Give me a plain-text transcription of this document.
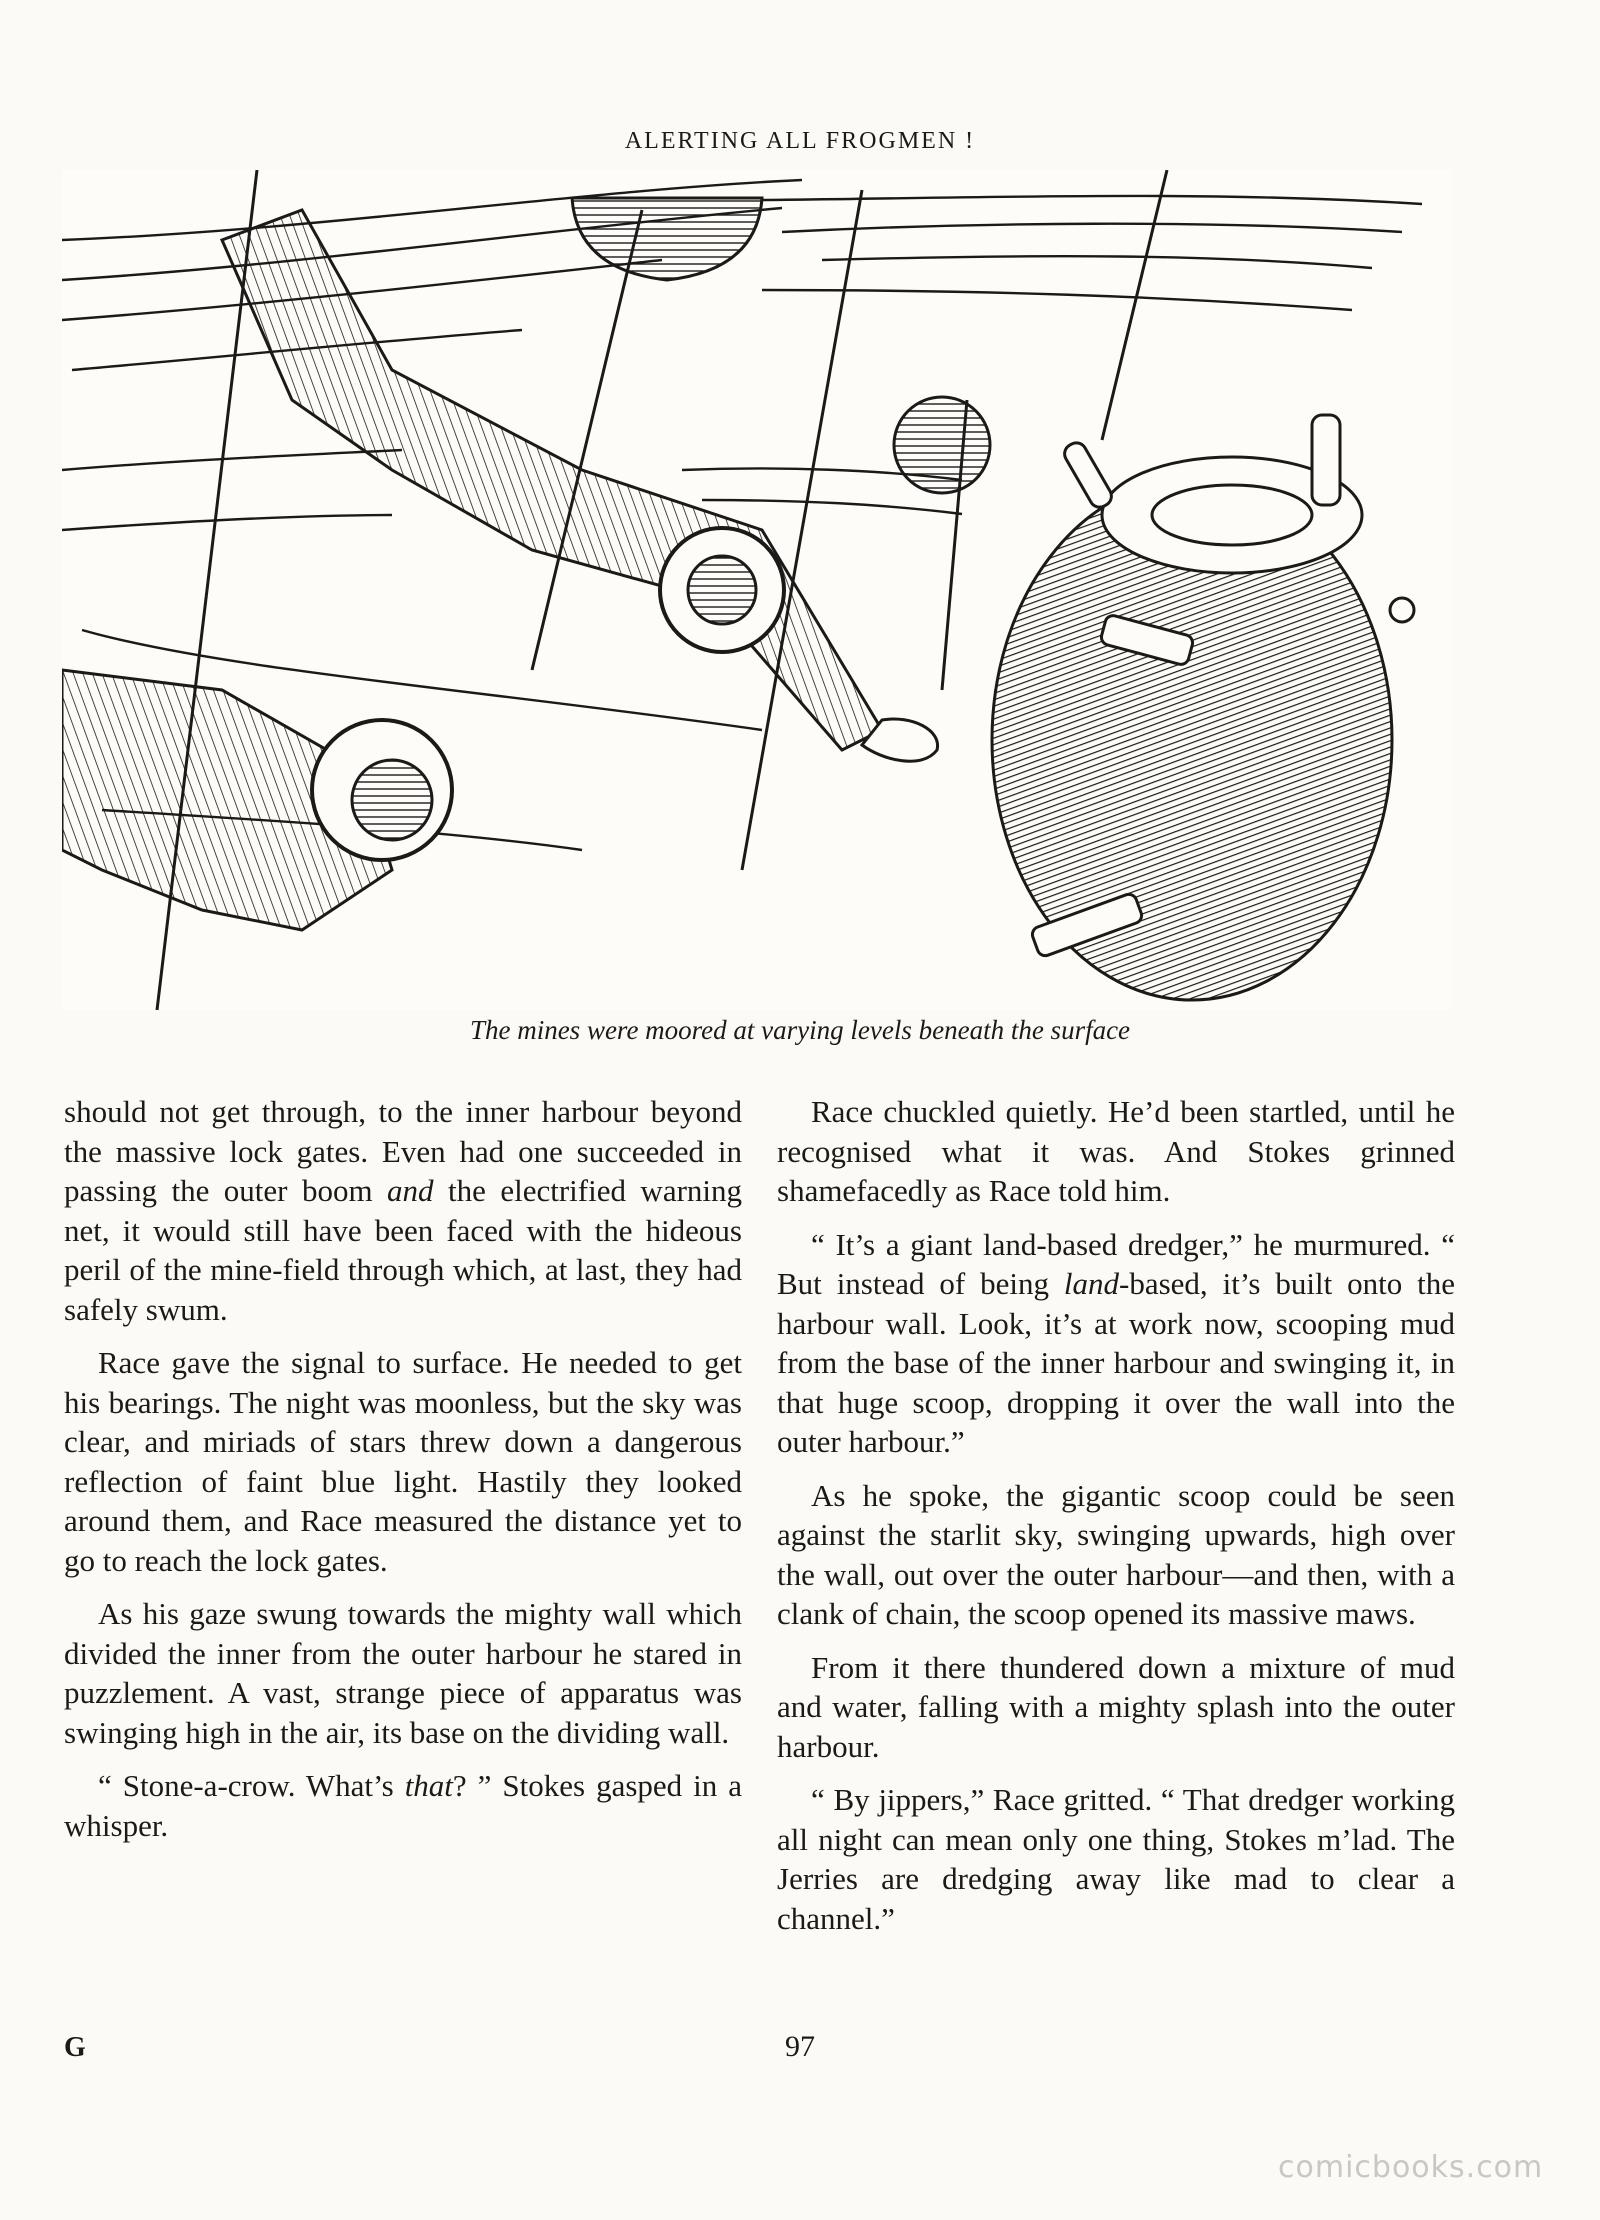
ALERTING ALL FROGMEN !
The mines were moored at varying levels beneath the surface

should not get through, to the inner harbour beyond the massive lock gates. Even had one succeeded in passing the outer boom and the electrified warning net, it would still have been faced with the hideous peril of the mine-field through which, at last, they had safely swum.

Race gave the signal to surface. He needed to get his bearings. The night was moonless, but the sky was clear, and miriads of stars threw down a dangerous reflection of faint blue light. Hastily they looked around them, and Race measured the distance yet to go to reach the lock gates.

As his gaze swung towards the mighty wall which divided the inner from the outer harbour he stared in puzzlement. A vast, strange piece of apparatus was swinging high in the air, its base on the dividing wall.

“ Stone-a-crow. What’s that? ” Stokes gasped in a whisper.

Race chuckled quietly. He’d been startled, until he recognised what it was. And Stokes grinned shamefacedly as Race told him.

“ It’s a giant land-based dredger,” he murmured. “ But instead of being land-based, it’s built onto the harbour wall. Look, it’s at work now, scooping mud from the base of the inner harbour and swinging it, in that huge scoop, dropping it over the wall into the outer harbour.”

As he spoke, the gigantic scoop could be seen against the starlit sky, swinging upwards, high over the wall, out over the outer harbour—and then, with a clank of chain, the scoop opened its massive maws.

From it there thundered down a mixture of mud and water, falling with a mighty splash into the outer harbour.

“ By jippers,” Race gritted. “ That dredger working all night can mean only one thing, Stokes m’lad. The Jerries are dredging away like mad to clear a channel.”

G	97
comicbooks.com
